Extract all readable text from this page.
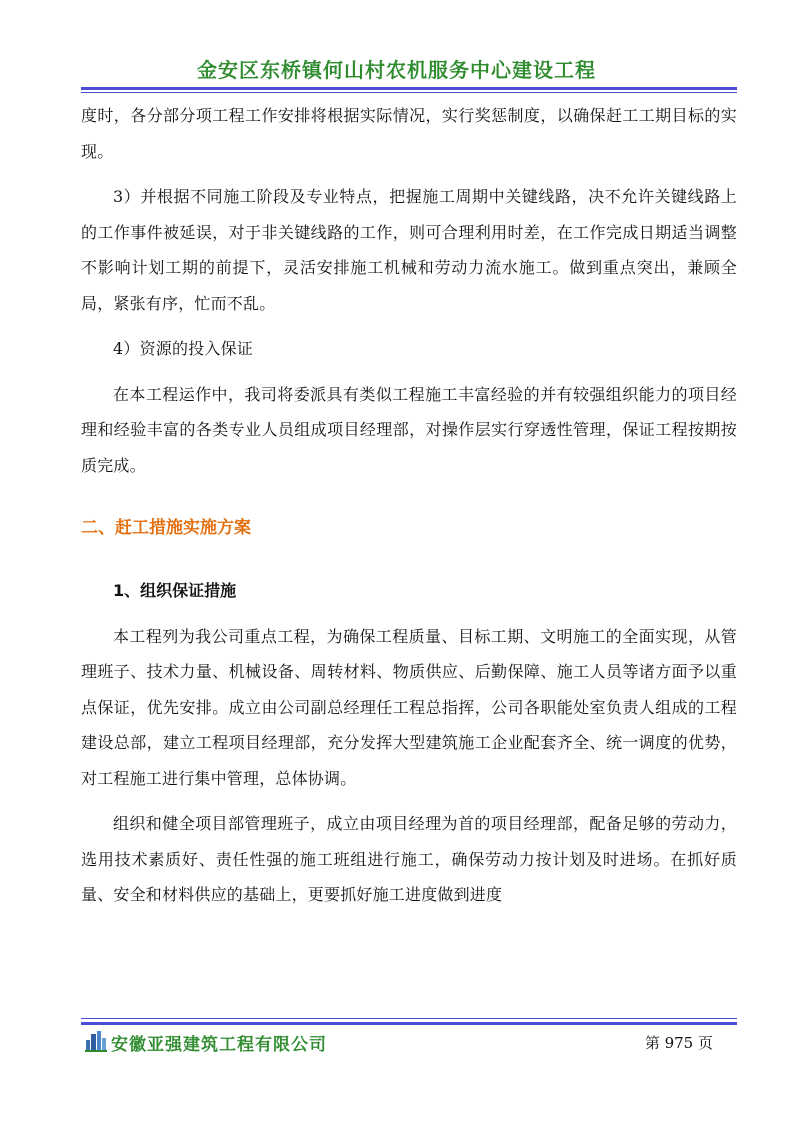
金安区东桥镇何山村农机服务中心建设工程

度时，各分部分项工程工作安排将根据实际情况，实行奖惩制度，以确保赶工工期目标的实现。

3）并根据不同施工阶段及专业特点，把握施工周期中关键线路，决不允许关键线路上的工作事件被延误，对于非关键线路的工作，则可合理利用时差，在工作完成日期适当调整不影响计划工期的前提下，灵活安排施工机械和劳动力流水施工。做到重点突出，兼顾全局，紧张有序，忙而不乱。

4）资源的投入保证

在本工程运作中，我司将委派具有类似工程施工丰富经验的并有较强组织能力的项目经理和经验丰富的各类专业人员组成项目经理部，对操作层实行穿透性管理，保证工程按期按质完成。

二、赶工措施实施方案

1、组织保证措施

本工程列为我公司重点工程，为确保工程质量、目标工期、文明施工的全面实现，从管理班子、技术力量、机械设备、周转材料、物质供应、后勤保障、施工人员等诸方面予以重点保证，优先安排。成立由公司副总经理任工程总指挥，公司各职能处室负责人组成的工程建设总部，建立工程项目经理部，充分发挥大型建筑施工企业配套齐全、统一调度的优势，对工程施工进行集中管理，总体协调。

组织和健全项目部管理班子，成立由项目经理为首的项目经理部，配备足够的劳动力，选用技术素质好、责任性强的施工班组进行施工，确保劳动力按计划及时进场。在抓好质量、安全和材料供应的基础上，更要抓好施工进度做到进度

安徽亚强建筑工程有限公司	第 975 页
